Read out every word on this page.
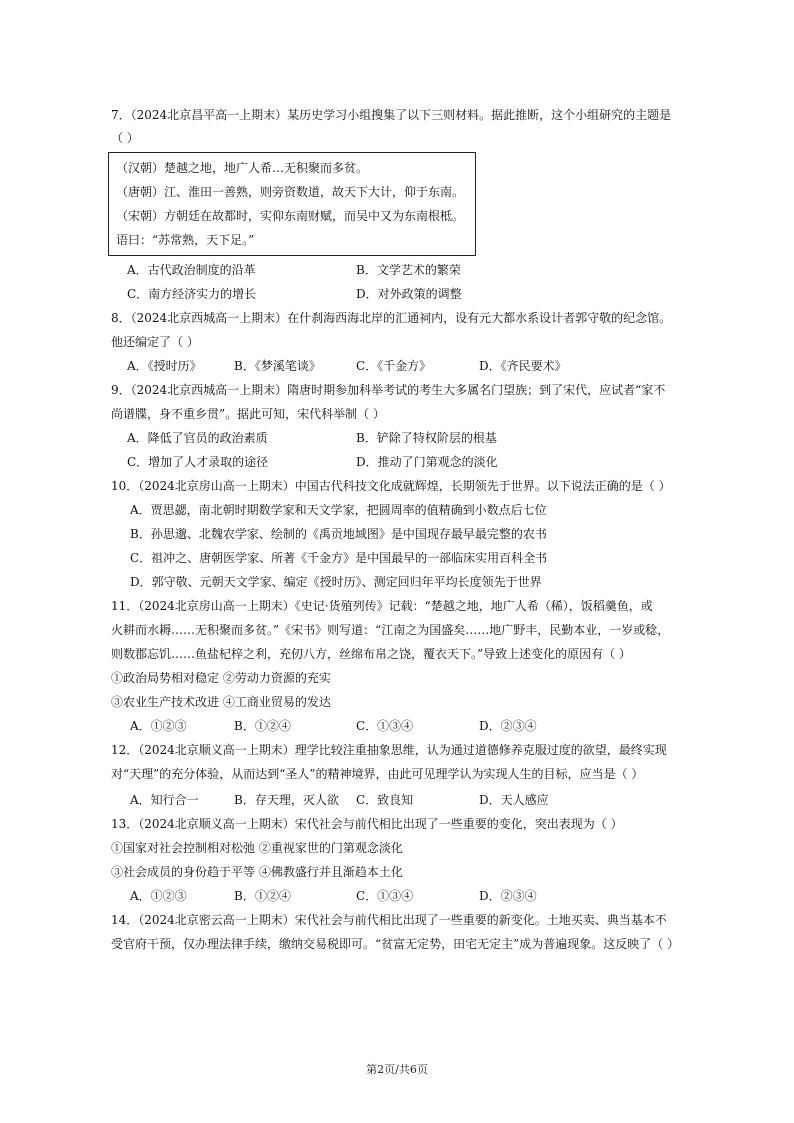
7．（2024北京昌平高一上期末）某历史学习小组搜集了以下三则材料。据此推断，这个小组研究的主题是
（ ）
（汉朝）楚越之地，地广人希…无积聚而多贫。
（唐朝）江、淮田一善熟，则旁资数道，故天下大计，仰于东南。
（宋朝）方朝廷在故都时，实仰东南财赋，而吴中又为东南根柢。
语曰：“苏常熟，天下足。”
A．古代政治制度的沿革	B．文学艺术的繁荣
C．南方经济实力的增长	D．对外政策的调整
8．（2024北京西城高一上期末）在什刹海西海北岸的汇通祠内，设有元大都水系设计者郭守敬的纪念馆。
他还编定了（ ）
A．《授时历》	B．《梦溪笔谈》	C．《千金方》	D．《齐民要术》
9．（2024北京西城高一上期末）隋唐时期参加科举考试的考生大多属名门望族；到了宋代，应试者“家不
尚谱牒，身不重乡贯”。据此可知，宋代科举制（ ）
A．降低了官员的政治素质	B．铲除了特权阶层的根基
C．增加了人才录取的途径	D．推动了门第观念的淡化
10．（2024北京房山高一上期末）中国古代科技文化成就辉煌，长期领先于世界。以下说法正确的是（ ）
A．贾思勰，南北朝时期数学家和天文学家，把圆周率的值精确到小数点后七位
B．孙思邈、北魏农学家、绘制的《禹贡地域图》是中国现存最早最完整的农书
C．祖冲之、唐朝医学家、所著《千金方》是中国最早的一部临床实用百科全书
D．郭守敬、元朝天文学家、编定《授时历》、测定回归年平均长度领先于世界
11．（2024北京房山高一上期末）《史记·货殖列传》记载：“楚越之地，地广人希（稀），饭稻羹鱼，或
火耕而水耨……无积聚而多贫。”《宋书》则写道：“江南之为国盛矣……地广野丰，民勤本业，一岁或稔，
则数郡忘饥……鱼盐杞梓之利，充仞八方，丝绵布帛之饶，覆衣天下。”导致上述变化的原因有（ ）
①政治局势相对稳定 ②劳动力资源的充实
③农业生产技术改进 ④工商业贸易的发达
A．①②③	B．①②④	C．①③④	D．②③④
12．（2024北京顺义高一上期末）理学比较注重抽象思维，认为通过道德修养克服过度的欲望，最终实现
对“天理”的充分体验，从而达到“圣人”的精神境界，由此可见理学认为实现人生的目标，应当是（ ）
A．知行合一	B．存天理，灭人欲 C．致良知	D．天人感应
13．（2024北京顺义高一上期末）宋代社会与前代相比出现了一些重要的变化，突出表现为（ ）
①国家对社会控制相对松弛 ②重视家世的门第观念淡化
③社会成员的身份趋于平等 ④佛教盛行并且渐趋本土化
A．①②③	B．①②④	C．①③④	D．②③④
14．（2024北京密云高一上期末）宋代社会与前代相比出现了一些重要的新变化。土地买卖、典当基本不
受官府干预，仅办理法律手续，缴纳交易税即可。“贫富无定势，田宅无定主”成为普遍现象。这反映了（ ）
第2页/共6页
